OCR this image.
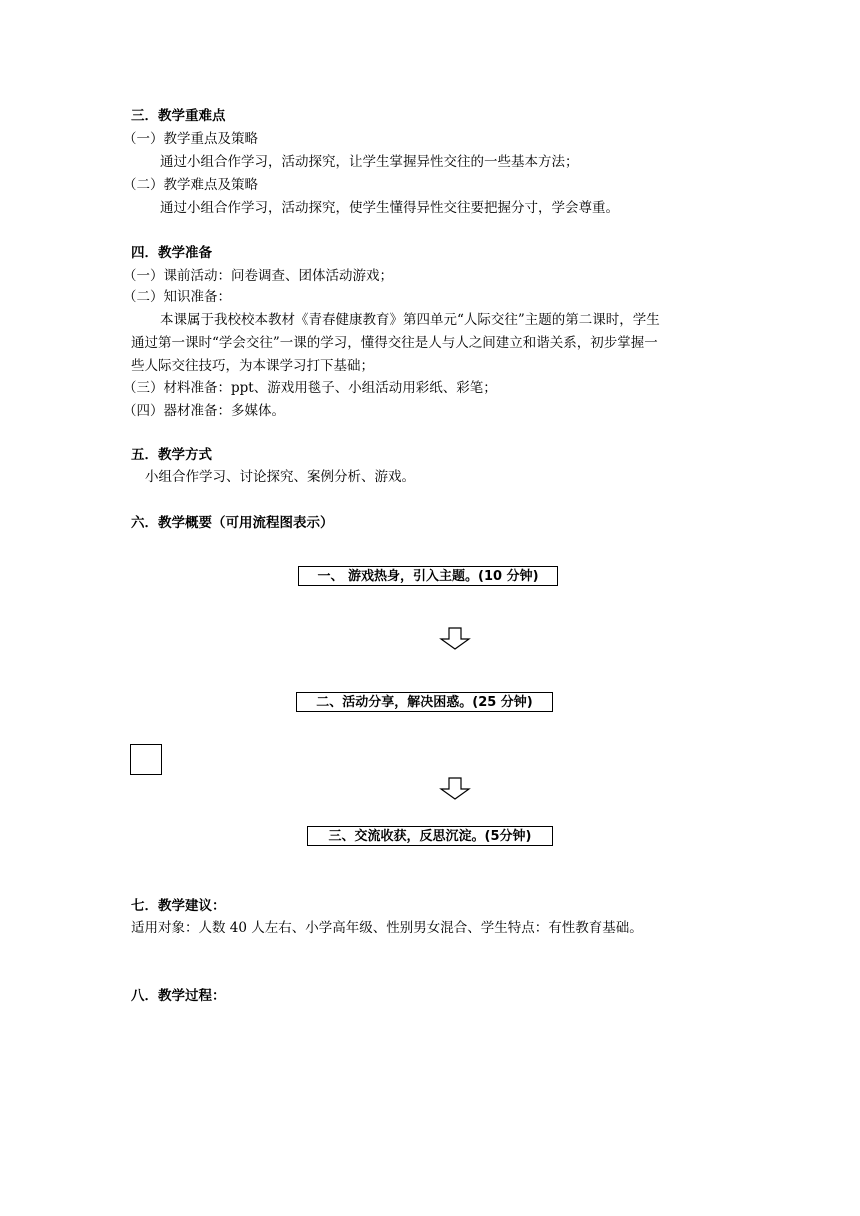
三．教学重难点
（一）教学重点及策略
通过小组合作学习，活动探究，让学生掌握异性交往的一些基本方法；
（二）教学难点及策略
通过小组合作学习，活动探究，使学生懂得异性交往要把握分寸，学会尊重。
四．教学准备
（一）课前活动：问卷调查、团体活动游戏；
（二）知识准备：
本课属于我校校本教材《青春健康教育》第四单元“人际交往”主题的第二课时，学生
通过第一课时“学会交往”一课的学习，懂得交往是人与人之间建立和谐关系，初步掌握一
些人际交往技巧，为本课学习打下基础；
（三）材料准备：ppt、游戏用毯子、小组活动用彩纸、彩笔；
（四）器材准备：多媒体。
五．教学方式
小组合作学习、讨论探究、案例分析、游戏。
六．教学概要（可用流程图表示）
一、 游戏热身，引入主题。(10 分钟)
二、活动分享，解决困惑。(25 分钟)
三、交流收获，反思沉淀。(5分钟)
七．教学建议：
适用对象：人数 40 人左右、小学高年级、性别男女混合、学生特点：有性教育基础。
八．教学过程：
